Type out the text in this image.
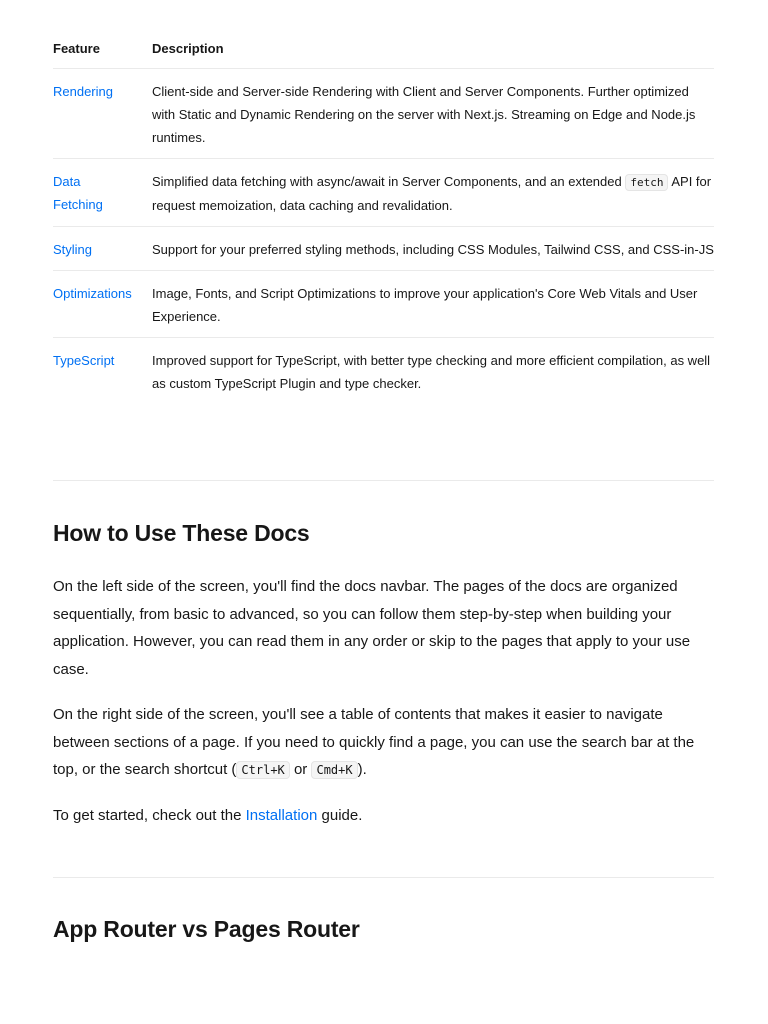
Feature	Description
Rendering	Client-side and Server-side Rendering with Client and Server Components. Further optimized with Static and Dynamic Rendering on the server with Next.js. Streaming on Edge and Node.js runtimes.
Data Fetching	Simplified data fetching with async/await in Server Components, and an extended fetch API for request memoization, data caching and revalidation.
Styling	Support for your preferred styling methods, including CSS Modules, Tailwind CSS, and CSS-in-JS
Optimizations	Image, Fonts, and Script Optimizations to improve your application's Core Web Vitals and User Experience.
TypeScript	Improved support for TypeScript, with better type checking and more efficient compilation, as well as custom TypeScript Plugin and type checker.
How to Use These Docs

On the left side of the screen, you'll find the docs navbar. The pages of the docs are organized sequentially, from basic to advanced, so you can follow them step-by-step when building your application. However, you can read them in any order or skip to the pages that apply to your use case.

On the right side of the screen, you'll see a table of contents that makes it easier to navigate between sections of a page. If you need to quickly find a page, you can use the search bar at the top, or the search shortcut ( Ctrl+K or Cmd+K ).

To get started, check out the Installation guide.

App Router vs Pages Router
